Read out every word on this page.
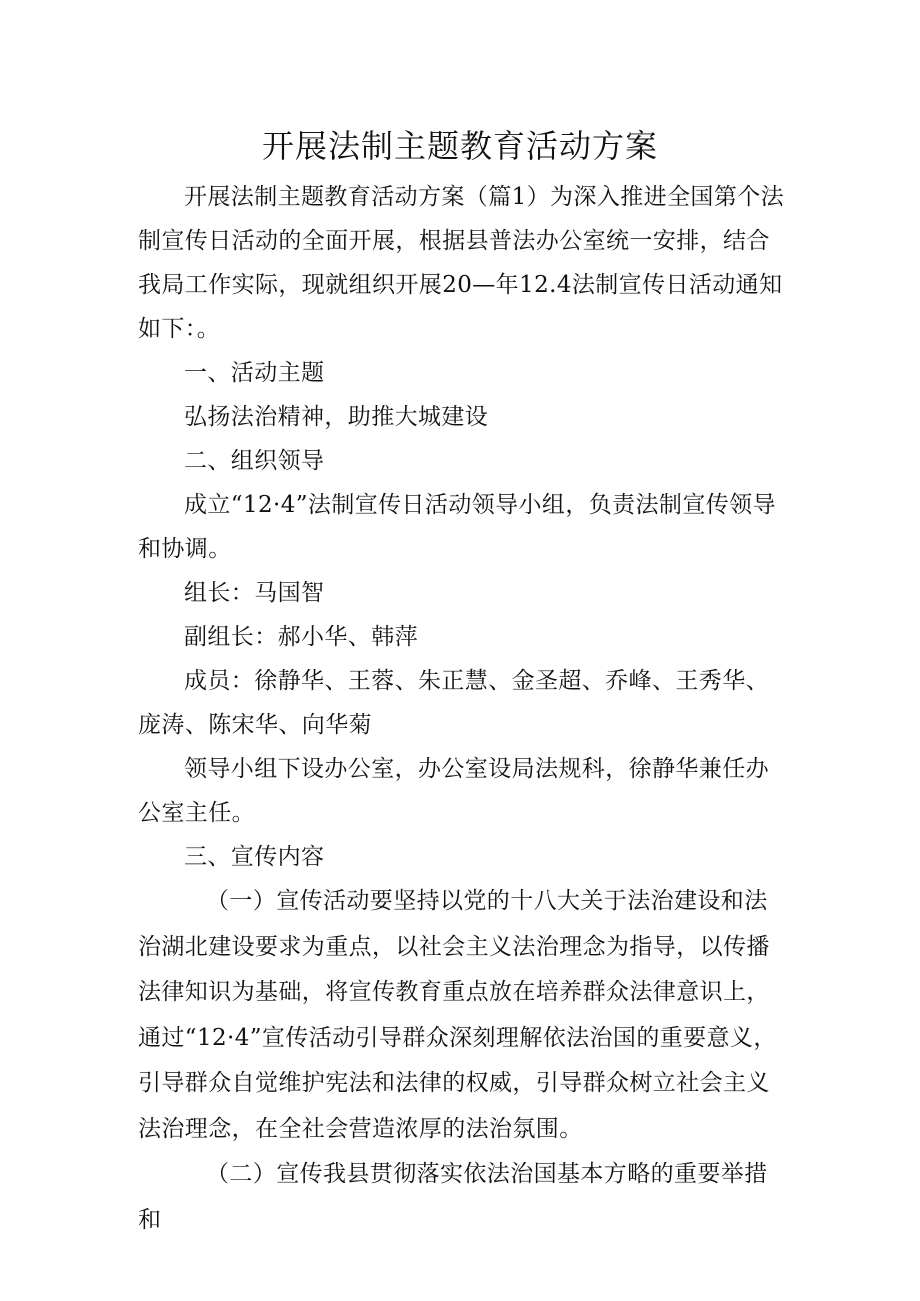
开展法制主题教育活动方案

开展法制主题教育活动方案（篇1）为深入推进全国第个法制宣传日活动的全面开展，根据县普法办公室统一安排，结合我局工作实际，现就组织开展20—年12.4法制宣传日活动通知如下：。

一、活动主题

弘扬法治精神，助推大城建设

二、组织领导

成立“12·4”法制宣传日活动领导小组，负责法制宣传领导和协调。

组长：马国智

副组长：郝小华、韩萍

成员：徐静华、王蓉、朱正慧、金圣超、乔峰、王秀华、庞涛、陈宋华、向华菊

领导小组下设办公室，办公室设局法规科，徐静华兼任办公室主任。

三、宣传内容

（一）宣传活动要坚持以党的十八大关于法治建设和法治湖北建设要求为重点，以社会主义法治理念为指导，以传播法律知识为基础，将宣传教育重点放在培养群众法律意识上，通过“12·4”宣传活动引导群众深刻理解依法治国的重要意义，引导群众自觉维护宪法和法律的权威，引导群众树立社会主义法治理念，在全社会营造浓厚的法治氛围。

（二）宣传我县贯彻落实依法治国基本方略的重要举措和
